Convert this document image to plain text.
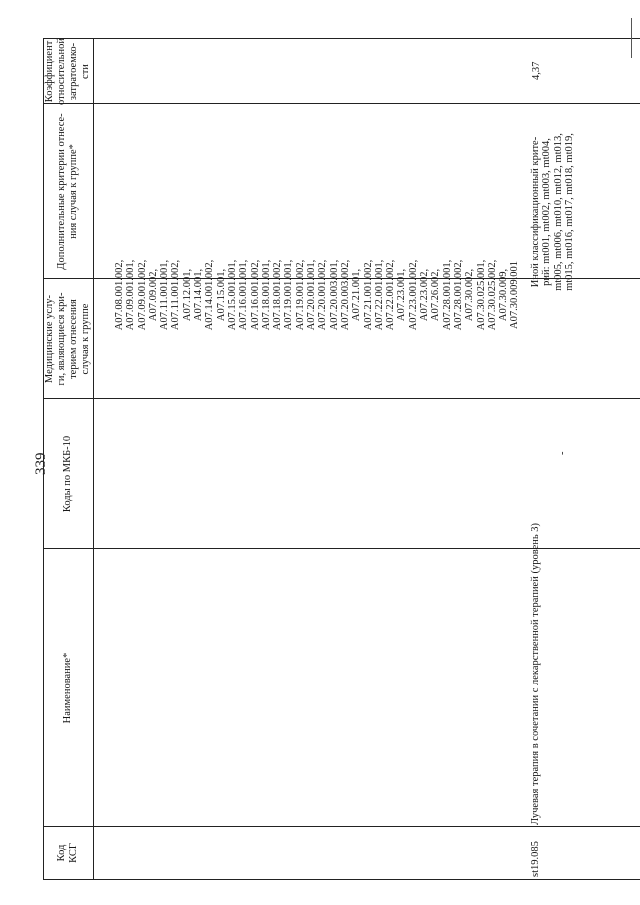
339
Код
КСГ
Наименование*
Коды по МКБ-10
Медицинские услу-
ги, являющиеся кри-
терием отнесения
случая к группе
Дополнительные критерии отнесе-
ния случая к группе*
Коэффициент
относительной
затратоемко-
сти
st19.085
Лучевая терапия в сочетании с лекарственной терапией (уровень 3)
-
A07.08.001.002, A07.09.001.001, A07.09.001.002, A07.09.002, A07.11.001.001, A07.11.001.002, A07.12.001, A07.14.001, A07.14.001.002, A07.15.001, A07.15.001.001, A07.16.001.001, A07.16.001.002, A07.18.001.001, A07.18.001.002, A07.19.001.001, A07.19.001.002, A07.20.001.001, A07.20.001.002, A07.20.003.001, A07.20.003.002, A07.21.001, A07.21.001.002, A07.22.001.001, A07.22.001.002, A07.23.001, A07.23.001.002, A07.23.002, A07.26.002, A07.28.001.001, A07.28.001.002, A07.30.002, A07.30.025.001, A07.30.025.002, A07.30.009, A07.30.009.001
Иной классификационный крите- рий: mt001, mt002, mt003, mt004, mt005, mt006, mt010, mt012, mt013, mt015, mt016, mt017, mt018, mt019,
4,37
